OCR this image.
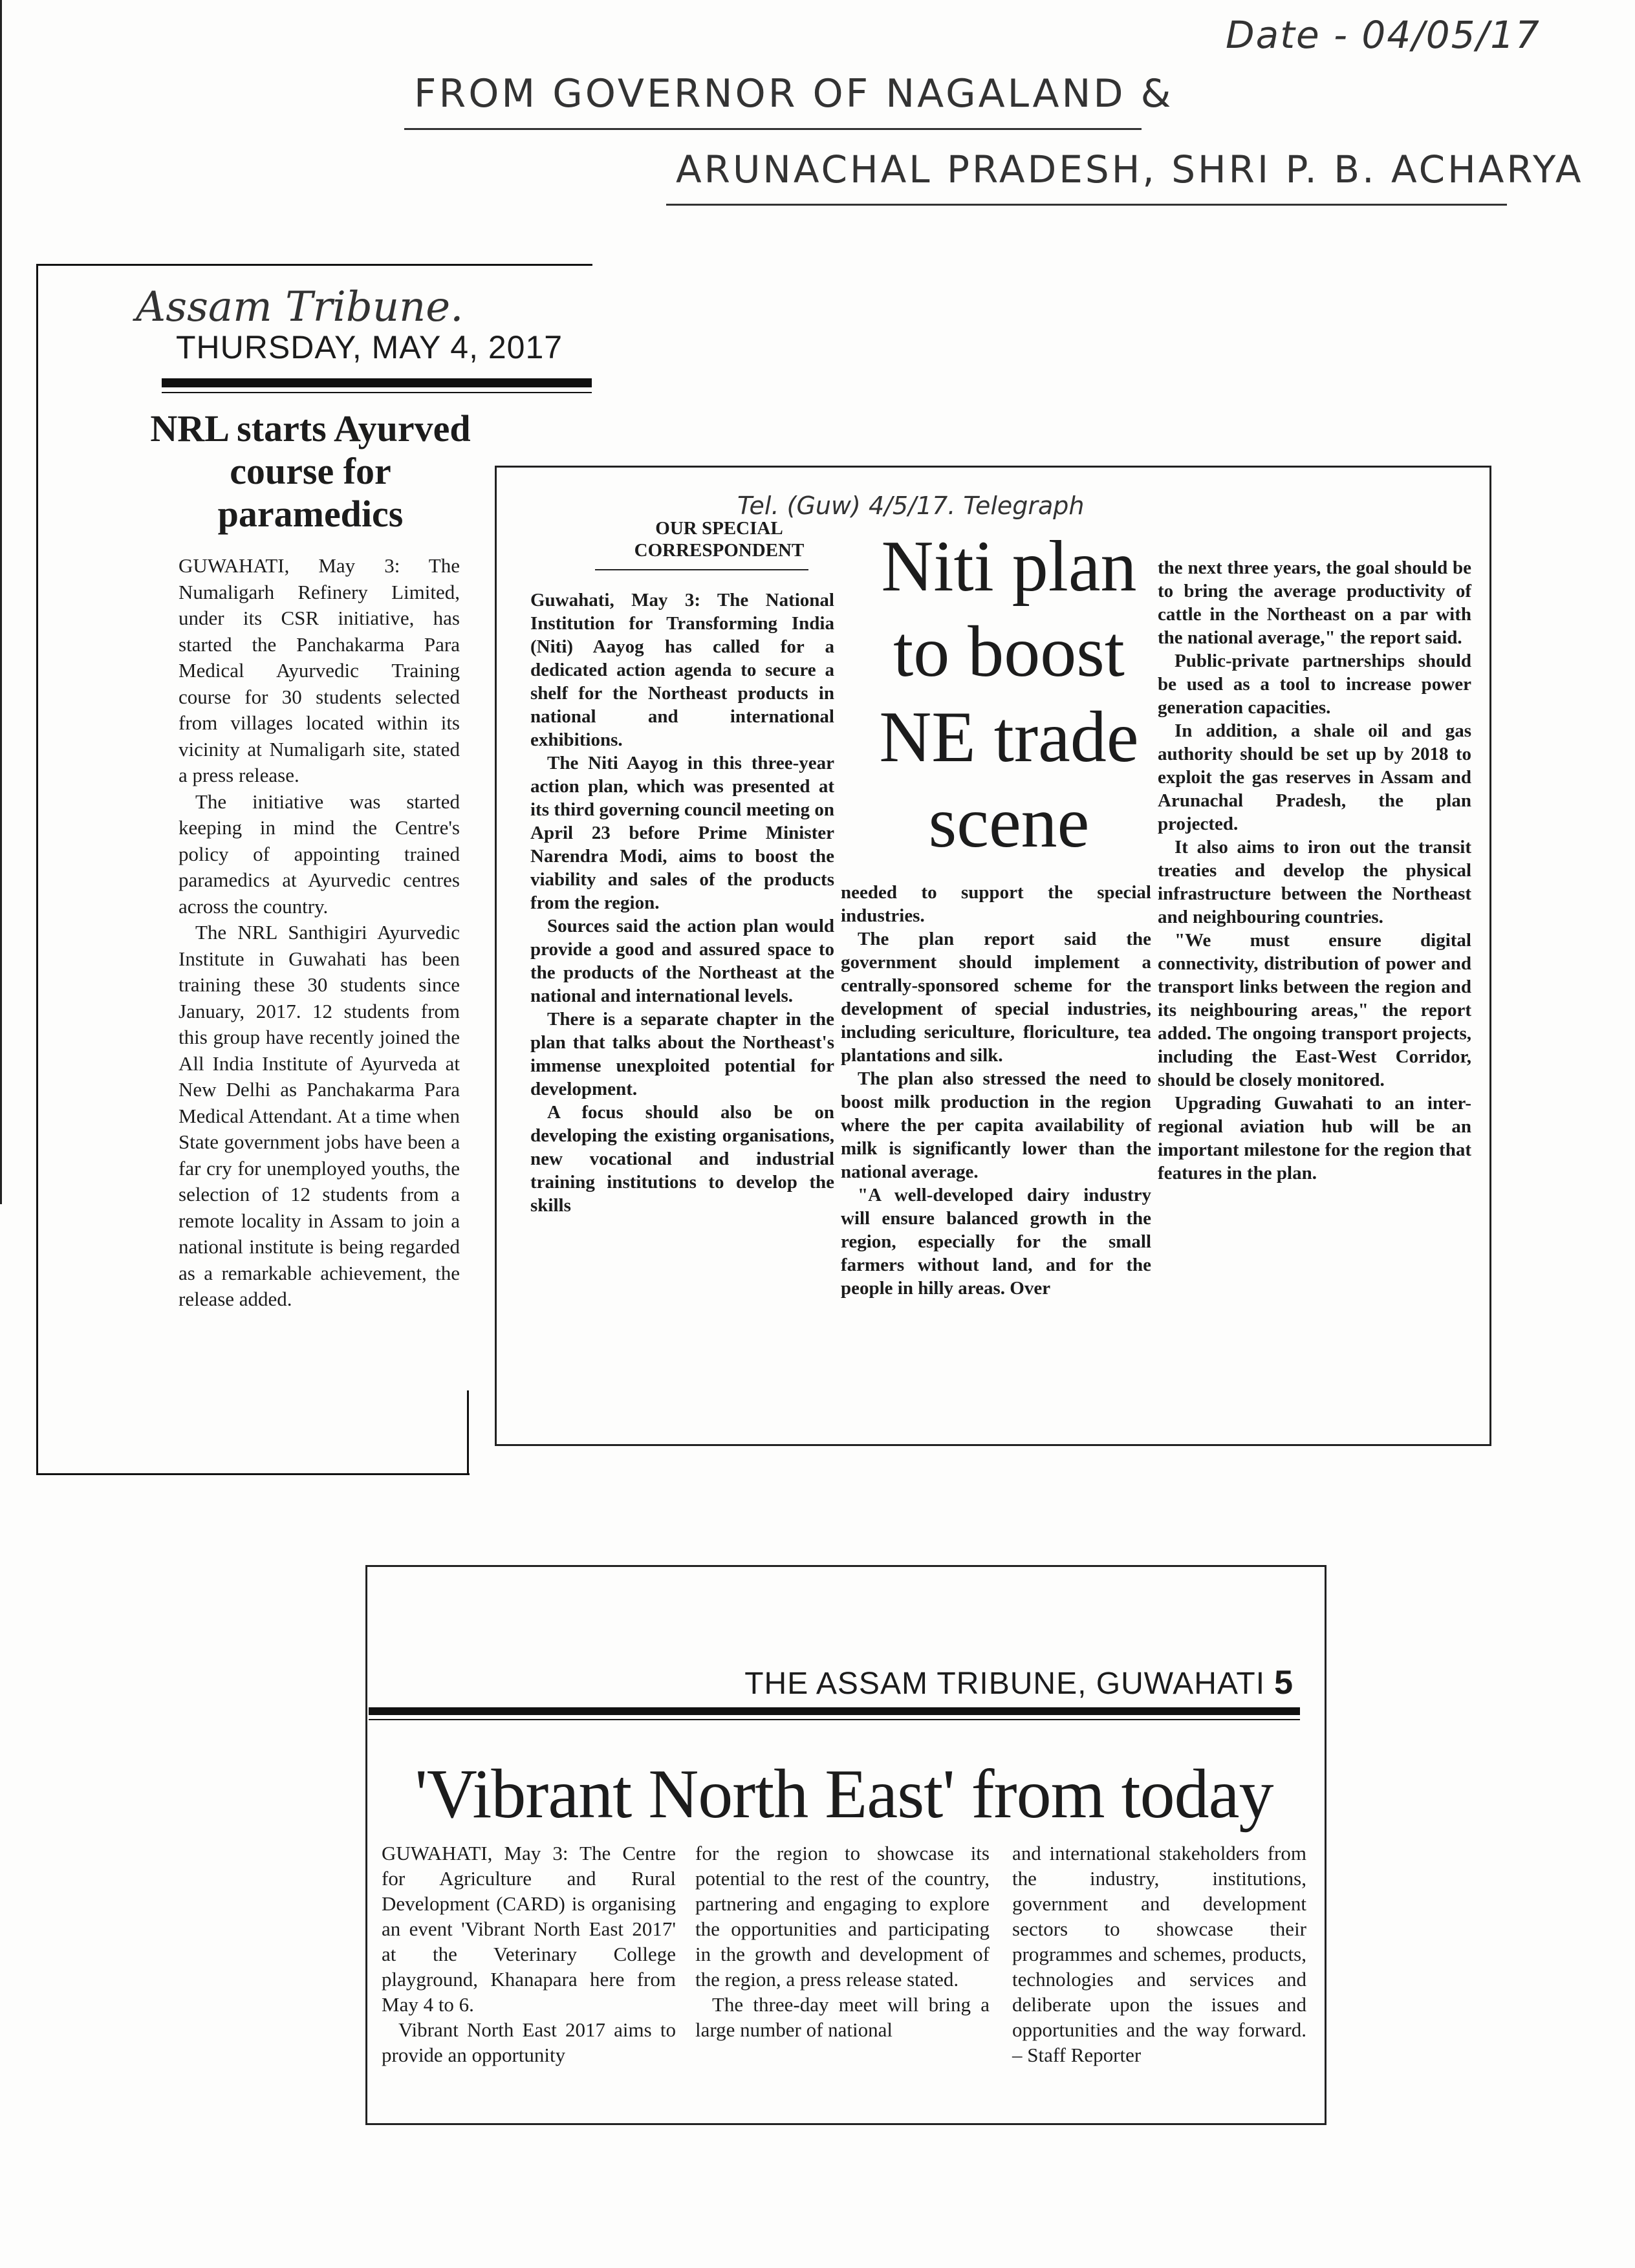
Date - 04/05/17
FROM GOVERNOR OF NAGALAND &
ARUNACHAL PRADESH, SHRI P. B. ACHARYA
Assam Tribune.
THURSDAY, MAY 4, 2017
NRL starts Ayurved course for paramedics

GUWAHATI, May 3: The Numaligarh Refinery Limited, under its CSR initiative, has started the Panchakarma Para Medical Ayurvedic Training course for 30 students selected from villages located within its vicinity at Numaligarh site, stated a press release.

The initiative was started keeping in mind the Centre's policy of appointing trained paramedics at Ayurvedic centres across the country.

The NRL Santhigiri Ayurvedic Institute in Guwahati has been training these 30 students since January, 2017. 12 students from this group have recently joined the All India Institute of Ayurveda at New Delhi as Panchakarma Para Medical Attendant. At a time when State government jobs have been a far cry for unemployed youths, the selection of 12 students from a remote locality in Assam to join a national institute is being regarded as a remarkable achievement, the release added.

Tel. (Guw) 4/5/17. Telegraph
OUR SPECIAL CORRESPONDENT	Niti plan to boost NE trade scene

Guwahati, May 3: The National Institution for Transforming India (Niti) Aayog has called for a dedicated action agenda to secure a shelf for the Northeast products in national and international exhibitions.

The Niti Aayog in this three-year action plan, which was presented at its third governing council meeting on April 23 before Prime Minister Narendra Modi, aims to boost the viability and sales of the products from the region.

Sources said the action plan would provide a good and assured space to the products of the Northeast at the national and international levels.

There is a separate chapter in the plan that talks about the Northeast's immense unexploited potential for development.

A focus should also be on developing the existing organisations, new vocational and industrial training institutions to develop the skills

needed to support the special industries.

The plan report said the government should implement a centrally-sponsored scheme for the development of special industries, including sericulture, floriculture, tea plantations and silk.

The plan also stressed the need to boost milk production in the region where the per capita availability of milk is significantly lower than the national average.

"A well-developed dairy industry will ensure balanced growth in the region, especially for the small farmers without land, and for the people in hilly areas. Over

the next three years, the goal should be to bring the average productivity of cattle in the Northeast on a par with the national average," the report said.

Public-private partnerships should be used as a tool to increase power generation capacities.

In addition, a shale oil and gas authority should be set up by 2018 to exploit the gas reserves in Assam and Arunachal Pradesh, the plan projected.

It also aims to iron out the transit treaties and develop the physical infrastructure between the Northeast and neighbouring countries.

"We must ensure digital connectivity, distribution of power and transport links between the region and its neighbouring areas," the report added. The ongoing transport projects, including the East-West Corridor, should be closely monitored.

Upgrading Guwahati to an inter-regional aviation hub will be an important milestone for the region that features in the plan.

THE ASSAM TRIBUNE, GUWAHATI 5
'Vibrant North East' from today

GUWAHATI, May 3: The Centre for Agriculture and Rural Development (CARD) is organising an event 'Vibrant North East 2017' at the Veterinary College playground, Khanapara here from May 4 to 6.

Vibrant North East 2017 aims to provide an opportunity

for the region to showcase its potential to the rest of the country, partnering and engaging to explore the opportunities and participating in the growth and development of the region, a press release stated.

The three-day meet will bring a large number of national

and international stakeholders from the industry, institutions, government and development sectors to showcase their programmes and schemes, products, technologies and services and deliberate upon the issues and opportunities and the way forward. – Staff Reporter
